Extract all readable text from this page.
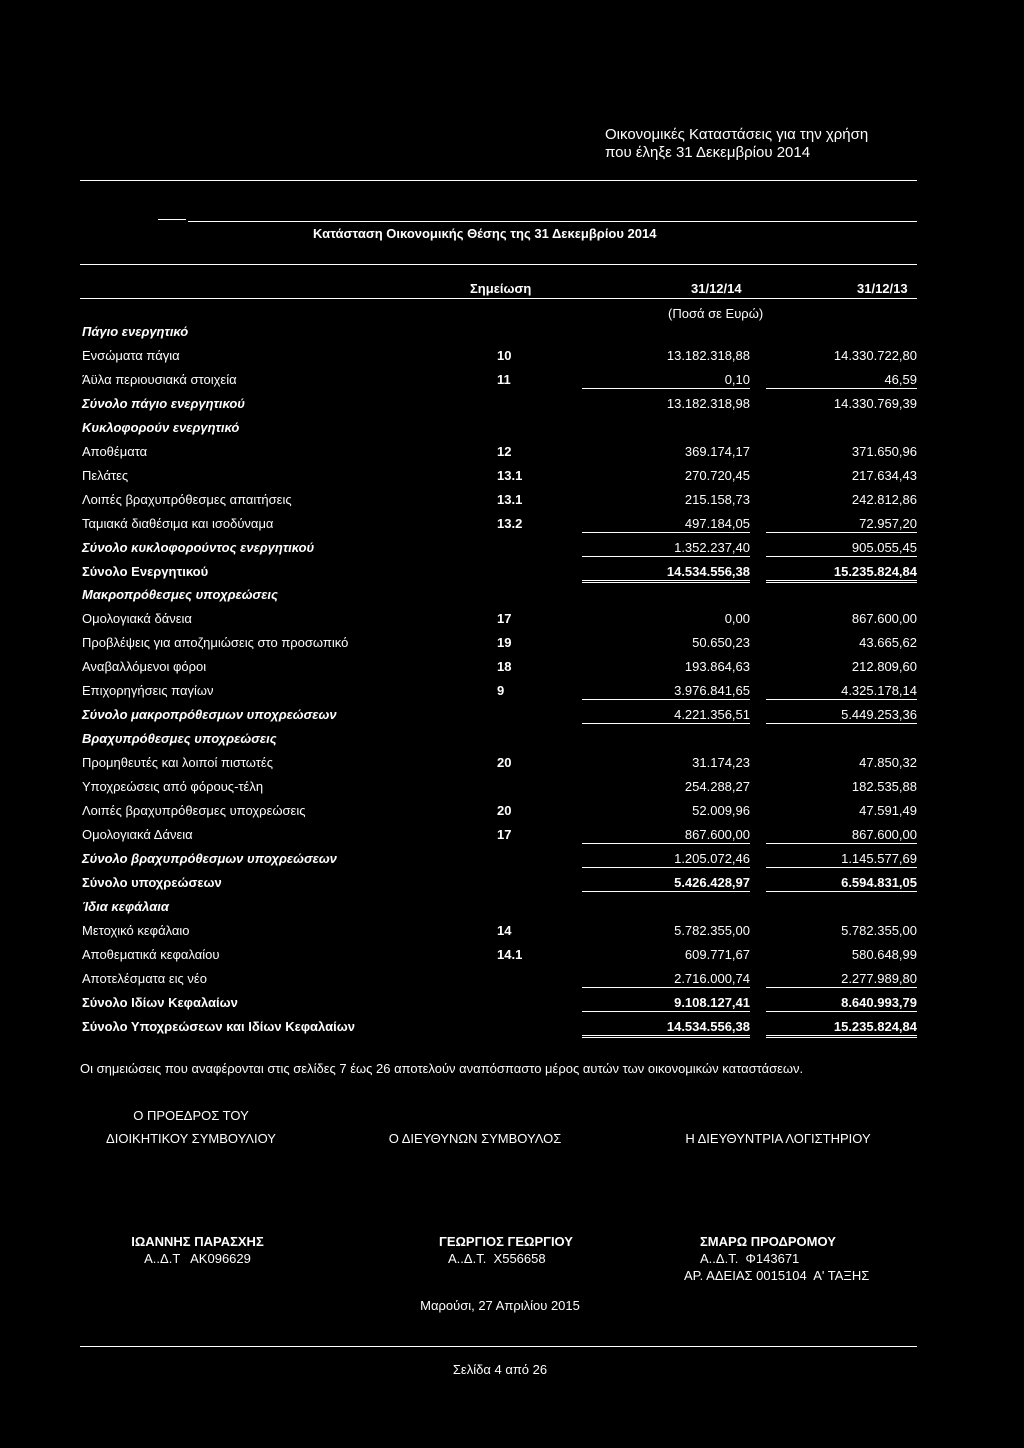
Οικονομικές Καταστάσεις για την χρήση
που έληξε 31 Δεκεμβρίου 2014
Κατάσταση Οικονομικής Θέσης της 31 Δεκεμβρίου 2014
Σημείωση	31/12/14	31/12/13
(Ποσά σε Ευρώ)
Πάγιο ενεργητικό
Ενσώματα πάγια	10	13.182.318,88	14.330.722,80
Άϋλα περιουσιακά στοιχεία	11	0,10	46,59
Σύνολο πάγιο ενεργητικού	13.182.318,98	14.330.769,39
Κυκλοφορούν ενεργητικό
Αποθέματα	12	369.174,17	371.650,96
Πελάτες	13.1	270.720,45	217.634,43
Λοιπές βραχυπρόθεσμες απαιτήσεις	13.1	215.158,73	242.812,86
Ταμιακά διαθέσιμα και ισοδύναμα	13.2	497.184,05	72.957,20
Σύνολο κυκλοφορούντος ενεργητικού	1.352.237,40	905.055,45
Σύνολο Ενεργητικού	14.534.556,38	15.235.824,84
Μακροπρόθεσμες υποχρεώσεις
Ομολογιακά δάνεια	17	0,00	867.600,00
Προβλέψεις για αποζημιώσεις στο προσωπικό	19	50.650,23	43.665,62
Αναβαλλόμενοι φόροι	18	193.864,63	212.809,60
Επιχορηγήσεις παγίων	9	3.976.841,65	4.325.178,14
Σύνολο μακροπρόθεσμων υποχρεώσεων	4.221.356,51	5.449.253,36
Βραχυπρόθεσμες υποχρεώσεις
Προμηθευτές και λοιποί πιστωτές	20	31.174,23	47.850,32
Υποχρεώσεις από φόρους-τέλη	254.288,27	182.535,88
Λοιπές βραχυπρόθεσμες υποχρεώσεις	20	52.009,96	47.591,49
Ομολογιακά Δάνεια	17	867.600,00	867.600,00
Σύνολο βραχυπρόθεσμων υποχρεώσεων	1.205.072,46	1.145.577,69
Σύνολο υποχρεώσεων	5.426.428,97	6.594.831,05
Ίδια κεφάλαια
Μετοχικό κεφάλαιο	14	5.782.355,00	5.782.355,00
Αποθεματικά κεφαλαίου	14.1	609.771,67	580.648,99
Αποτελέσματα εις νέο	2.716.000,74	2.277.989,80
Σύνολο Ιδίων Κεφαλαίων	9.108.127,41	8.640.993,79
Σύνολο Υποχρεώσεων και Ιδίων Κεφαλαίων	14.534.556,38	15.235.824,84
Οι σημειώσεις που αναφέρονται στις σελίδες 7 έως 26 αποτελούν αναπόσπαστο μέρος αυτών των οικονομικών καταστάσεων.
Ο ΠΡΟΕΔΡΟΣ ΤΟΥ
ΔΙΟΙΚΗΤΙΚΟΥ ΣΥΜΒΟΥΛΙΟΥ	Ο ΔΙΕΥΘΥΝΩΝ ΣΥΜΒΟΥΛΟΣ	Η ΔΙΕΥΘΥΝΤΡΙΑ ΛΟΓΙΣΤΗΡΙΟΥ
ΙΩΑΝΝΗΣ ΠΑΡΑΣΧΗΣ
Α..Δ.Τ   ΑΚ096629
ΓΕΩΡΓΙΟΣ ΓΕΩΡΓΙΟΥ
Α..Δ.Τ.  Χ556658
ΣΜΑΡΩ ΠΡΟΔΡΟΜΟΥ
Α..Δ.Τ.  Φ143671
ΑΡ. ΑΔΕΙΑΣ 0015104  Α' ΤΑΞΗΣ
Μαρούσι, 27 Απριλίου 2015
Σελίδα 4 από 26
